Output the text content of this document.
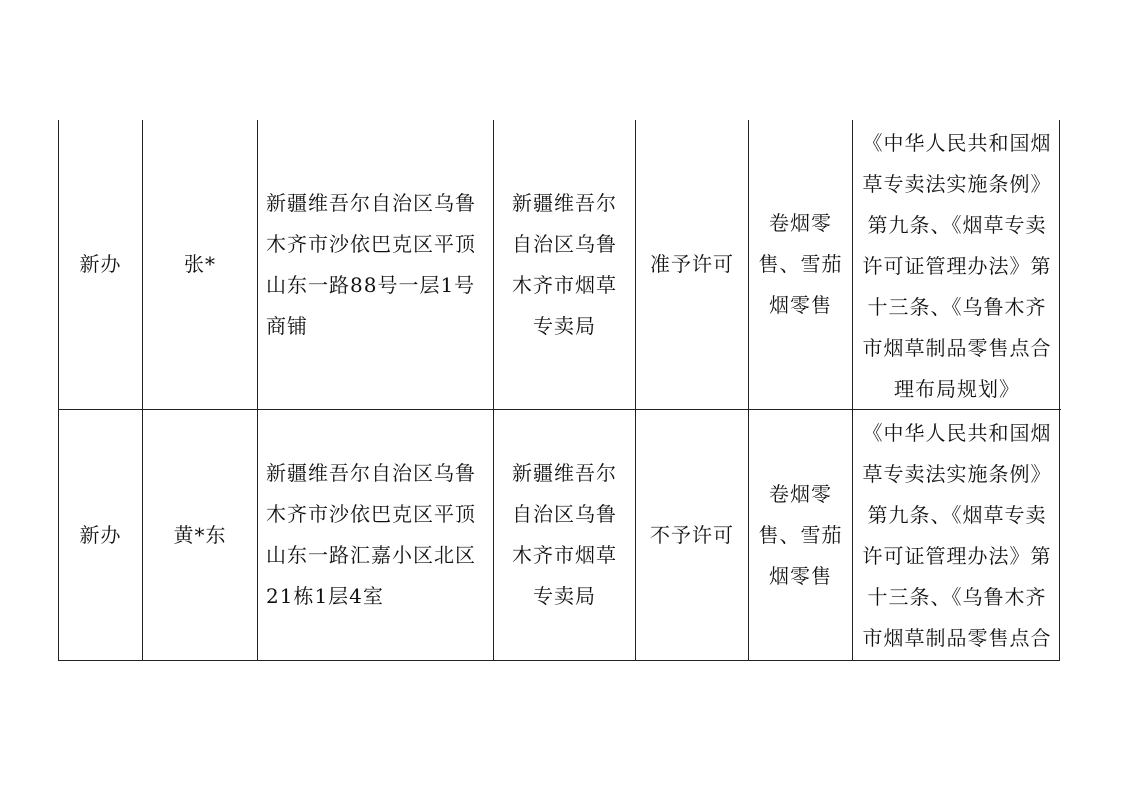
新办	张*
新疆维吾尔自治区乌鲁
木齐市沙依巴克区平顶
山东一路88号一层1号
商铺
新疆维吾尔
自治区乌鲁
木齐市烟草
专卖局
准予许可
卷烟零
售、雪茄
烟零售
《中华人民共和国烟
草专卖法实施条例》
第九条、《烟草专卖
许可证管理办法》第
十三条、《乌鲁木齐
市烟草制品零售点合
理布局规划》
新办	黄*东
新疆维吾尔自治区乌鲁
木齐市沙依巴克区平顶
山东一路汇嘉小区北区
21栋1层4室
新疆维吾尔
自治区乌鲁
木齐市烟草
专卖局
不予许可
卷烟零
售、雪茄
烟零售
《中华人民共和国烟
草专卖法实施条例》
第九条、《烟草专卖
许可证管理办法》第
十三条、《乌鲁木齐
市烟草制品零售点合
